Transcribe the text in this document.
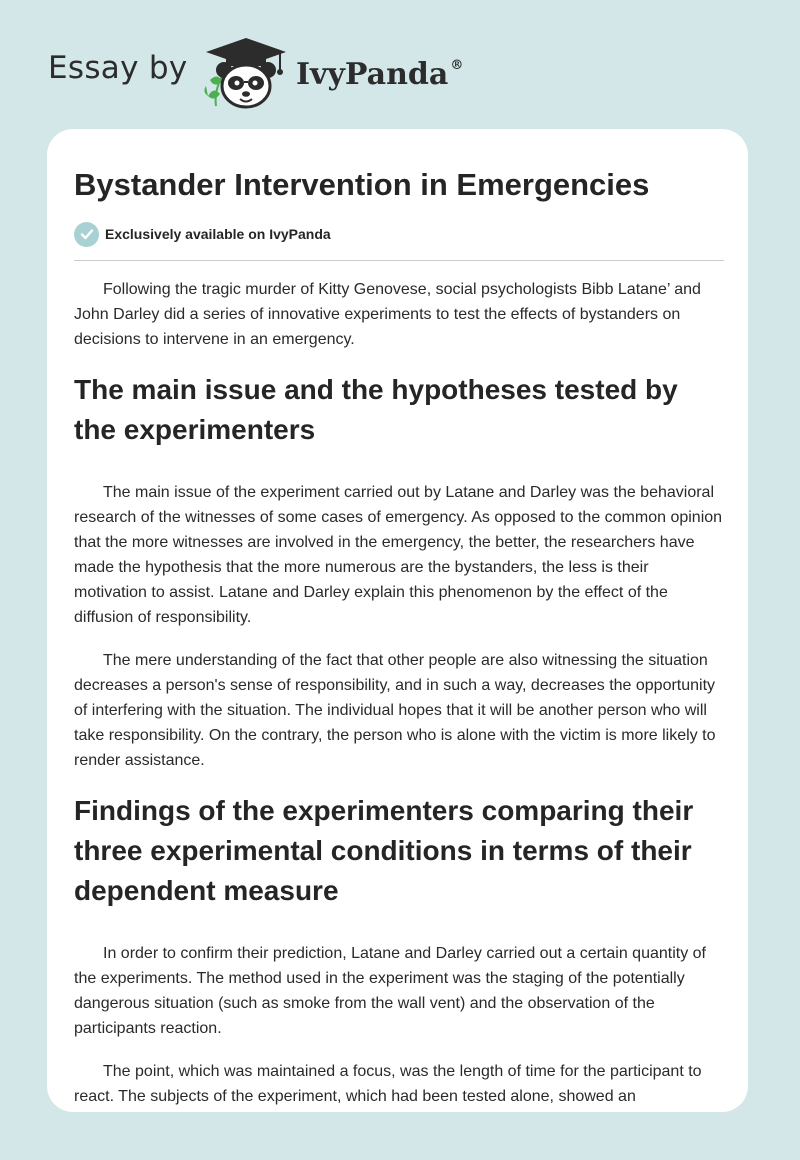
Essay by	IvyPanda ®
Bystander Intervention in Emergencies
Exclusively available on IvyPanda

Following the tragic murder of Kitty Genovese, social psychologists Bibb Latane’ and John Darley did a series of innovative experiments to test the effects of bystanders on decisions to intervene in an emergency.

The main issue and the hypotheses tested by the experimenters

The main issue of the experiment carried out by Latane and Darley was the behavioral research of the witnesses of some cases of emergency. As opposed to the common opinion that the more witnesses are involved in the emergency, the better, the researchers have made the hypothesis that the more numerous are the bystanders, the less is their motivation to assist. Latane and Darley explain this phenomenon by the effect of the diffusion of responsibility.

The mere understanding of the fact that other people are also witnessing the situation decreases a person's sense of responsibility, and in such a way, decreases the opportunity of interfering with the situation. The individual hopes that it will be another person who will take responsibility. On the contrary, the person who is alone with the victim is more likely to render assistance.

Findings of the experimenters comparing their three experimental conditions in terms of their dependent measure

In order to confirm their prediction, Latane and Darley carried out a certain quantity of the experiments. The method used in the experiment was the staging of the potentially dangerous situation (such as smoke from the wall vent) and the observation of the participants reaction.

The point, which was maintained a focus, was the length of time for the participant to react. The subjects of the experiment, which had been tested alone, showed an
